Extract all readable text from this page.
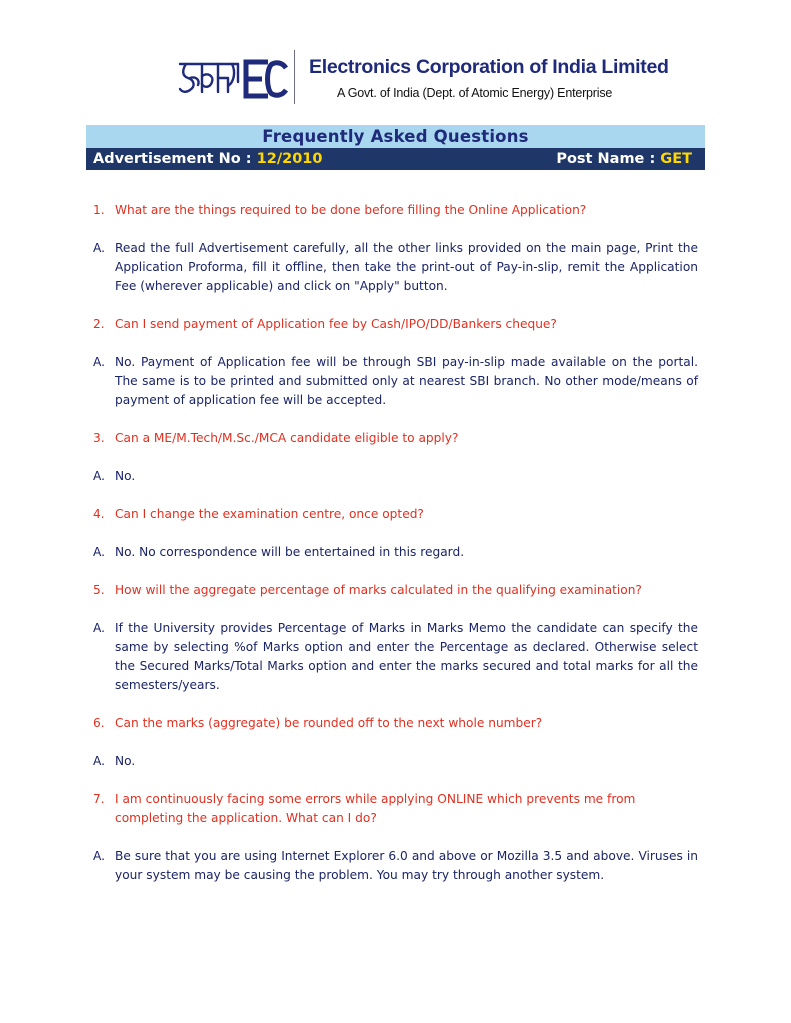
Electronics Corporation of India Limited
A Govt. of India (Dept. of Atomic Energy) Enterprise
Frequently Asked Questions
Advertisement No : 12/2010	Post Name : GET
1. What are the things required to be done before filling the Online Application?
A. Read the full Advertisement carefully, all the other links provided on the main page, Print the Application Proforma, fill it offline, then take the print-out of Pay-in-slip, remit the Application Fee (wherever applicable) and click on "Apply" button.
2. Can I send payment of Application fee by Cash/IPO/DD/Bankers cheque?
A. No. Payment of Application fee will be through SBI pay-in-slip made available on the portal. The same is to be printed and submitted only at nearest SBI branch. No other mode/means of payment of application fee will be accepted.
3. Can a ME/M.Tech/M.Sc./MCA candidate eligible to apply?
A. No.
4. Can I change the examination centre, once opted?
A. No. No correspondence will be entertained in this regard.
5. How will the aggregate percentage of marks calculated in the qualifying examination?
A. If the University provides Percentage of Marks in Marks Memo the candidate can specify the same by selecting %of Marks option and enter the Percentage as declared. Otherwise select the Secured Marks/Total Marks option and enter the marks secured and total marks for all the semesters/years.
6. Can the marks (aggregate) be rounded off to the next whole number?
A. No.
7. I am continuously facing some errors while applying ONLINE which prevents me from completing the application. What can I do?
A. Be sure that you are using Internet Explorer 6.0 and above or Mozilla 3.5 and above. Viruses in your system may be causing the problem. You may try through another system.
